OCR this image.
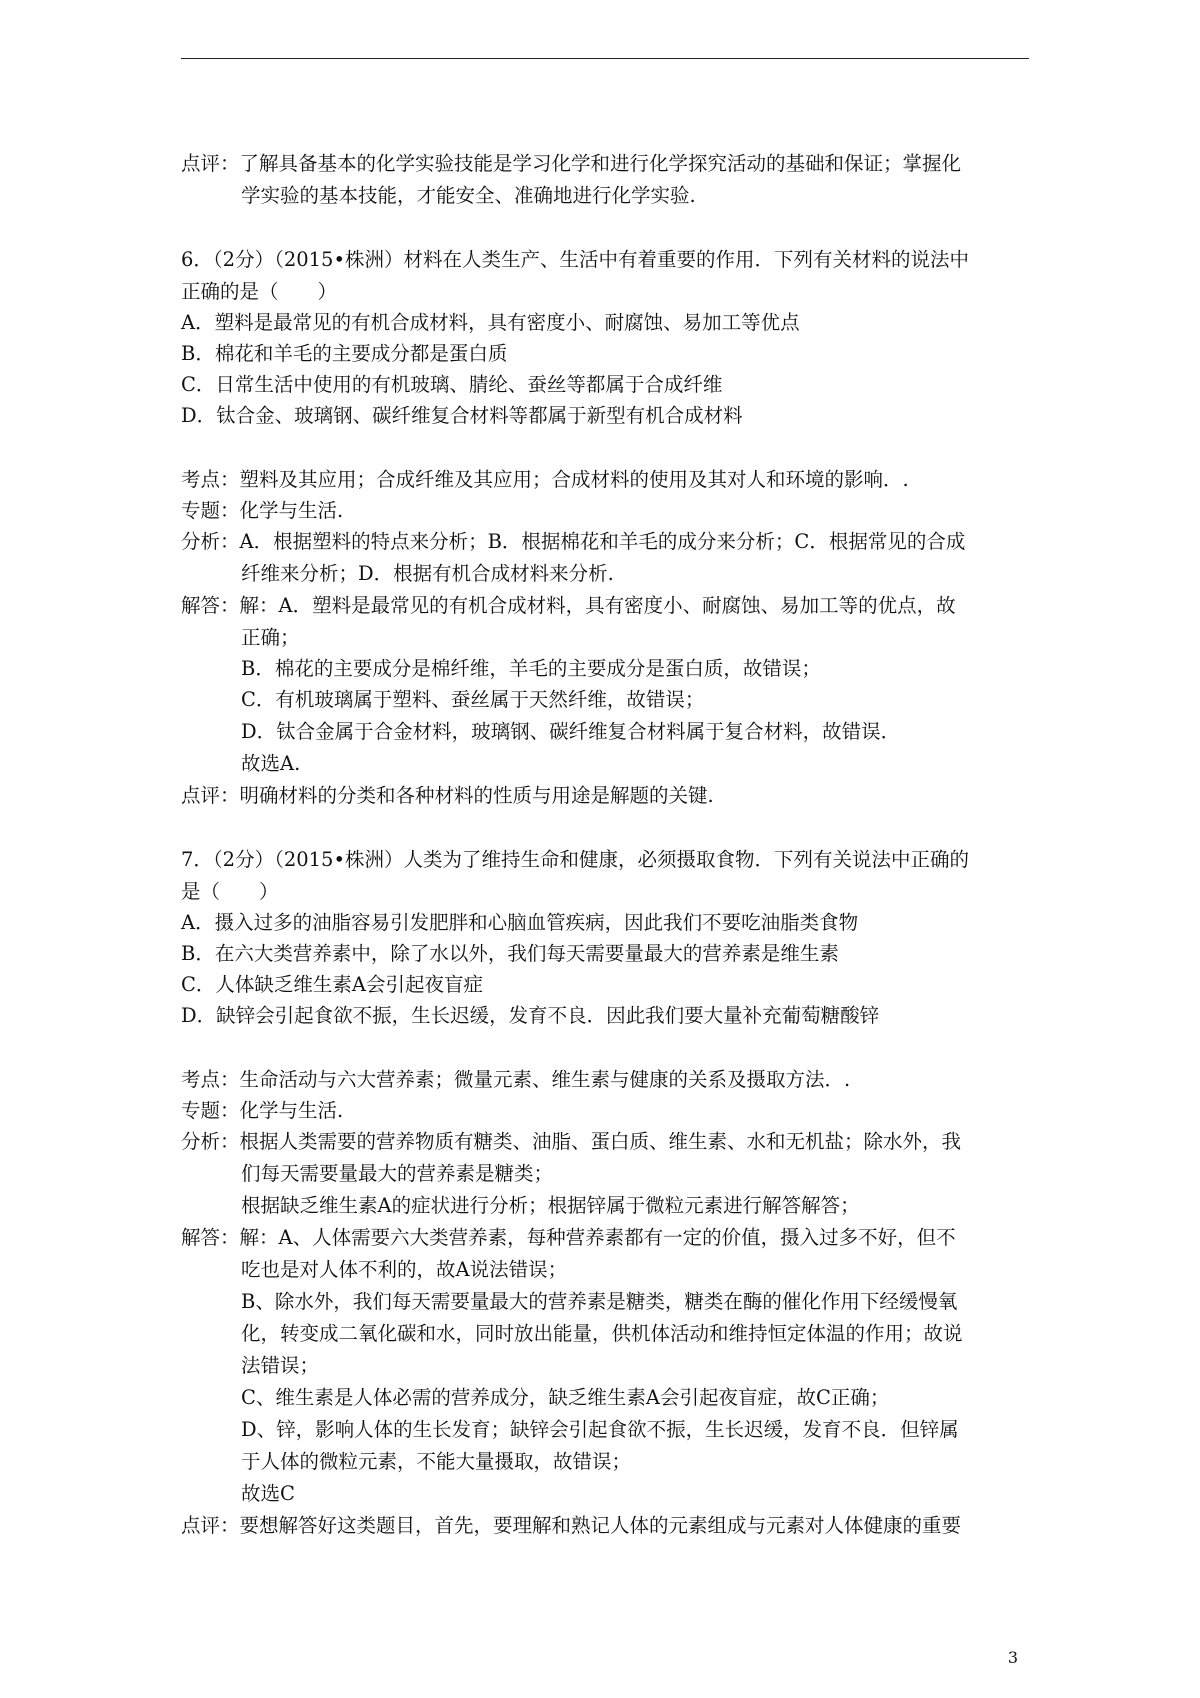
点评：了解具备基本的化学实验技能是学习化学和进行化学探究活动的基础和保证；掌握化
学实验的基本技能，才能安全、准确地进行化学实验.
6．（2分）（2015•株洲）材料在人类生产、生活中有着重要的作用．下列有关材料的说法中
正确的是（　　）
A．塑料是最常见的有机合成材料，具有密度小、耐腐蚀、易加工等优点
B．棉花和羊毛的主要成分都是蛋白质
C．日常生活中使用的有机玻璃、腈纶、蚕丝等都属于合成纤维
D．钛合金、玻璃钢、碳纤维复合材料等都属于新型有机合成材料
考点：塑料及其应用；合成纤维及其应用；合成材料的使用及其对人和环境的影响．.
专题：化学与生活.
分析：A．根据塑料的特点来分析；B．根据棉花和羊毛的成分来分析；C．根据常见的合成
纤维来分析；D．根据有机合成材料来分析.
解答：解：A．塑料是最常见的有机合成材料，具有密度小、耐腐蚀、易加工等的优点，故
正确；
B．棉花的主要成分是棉纤维，羊毛的主要成分是蛋白质，故错误；
C．有机玻璃属于塑料、蚕丝属于天然纤维，故错误；
D．钛合金属于合金材料，玻璃钢、碳纤维复合材料属于复合材料，故错误．
故选A.
点评：明确材料的分类和各种材料的性质与用途是解题的关键.
7．（2分）（2015•株洲）人类为了维持生命和健康，必须摄取食物．下列有关说法中正确的
是（　　）
A．摄入过多的油脂容易引发肥胖和心脑血管疾病，因此我们不要吃油脂类食物
B．在六大类营养素中，除了水以外，我们每天需要量最大的营养素是维生素
C．人体缺乏维生素A会引起夜盲症
D．缺锌会引起食欲不振，生长迟缓，发育不良．因此我们要大量补充葡萄糖酸锌
考点：生命活动与六大营养素；微量元素、维生素与健康的关系及摄取方法．.
专题：化学与生活.
分析：根据人类需要的营养物质有糖类、油脂、蛋白质、维生素、水和无机盐；除水外，我
们每天需要量最大的营养素是糖类；
根据缺乏维生素A的症状进行分析；根据锌属于微粒元素进行解答解答；
解答：解：A、人体需要六大类营养素，每种营养素都有一定的价值，摄入过多不好，但不
吃也是对人体不利的，故A说法错误；
B、除水外，我们每天需要量最大的营养素是糖类，糖类在酶的催化作用下经缓慢氧
化，转变成二氧化碳和水，同时放出能量，供机体活动和维持恒定体温的作用；故说
法错误；
C、维生素是人体必需的营养成分，缺乏维生素A会引起夜盲症，故C正确；
D、锌，影响人体的生长发育；缺锌会引起食欲不振，生长迟缓，发育不良．但锌属
于人体的微粒元素，不能大量摄取，故错误；
故选C
点评：要想解答好这类题目，首先，要理解和熟记人体的元素组成与元素对人体健康的重要
3
